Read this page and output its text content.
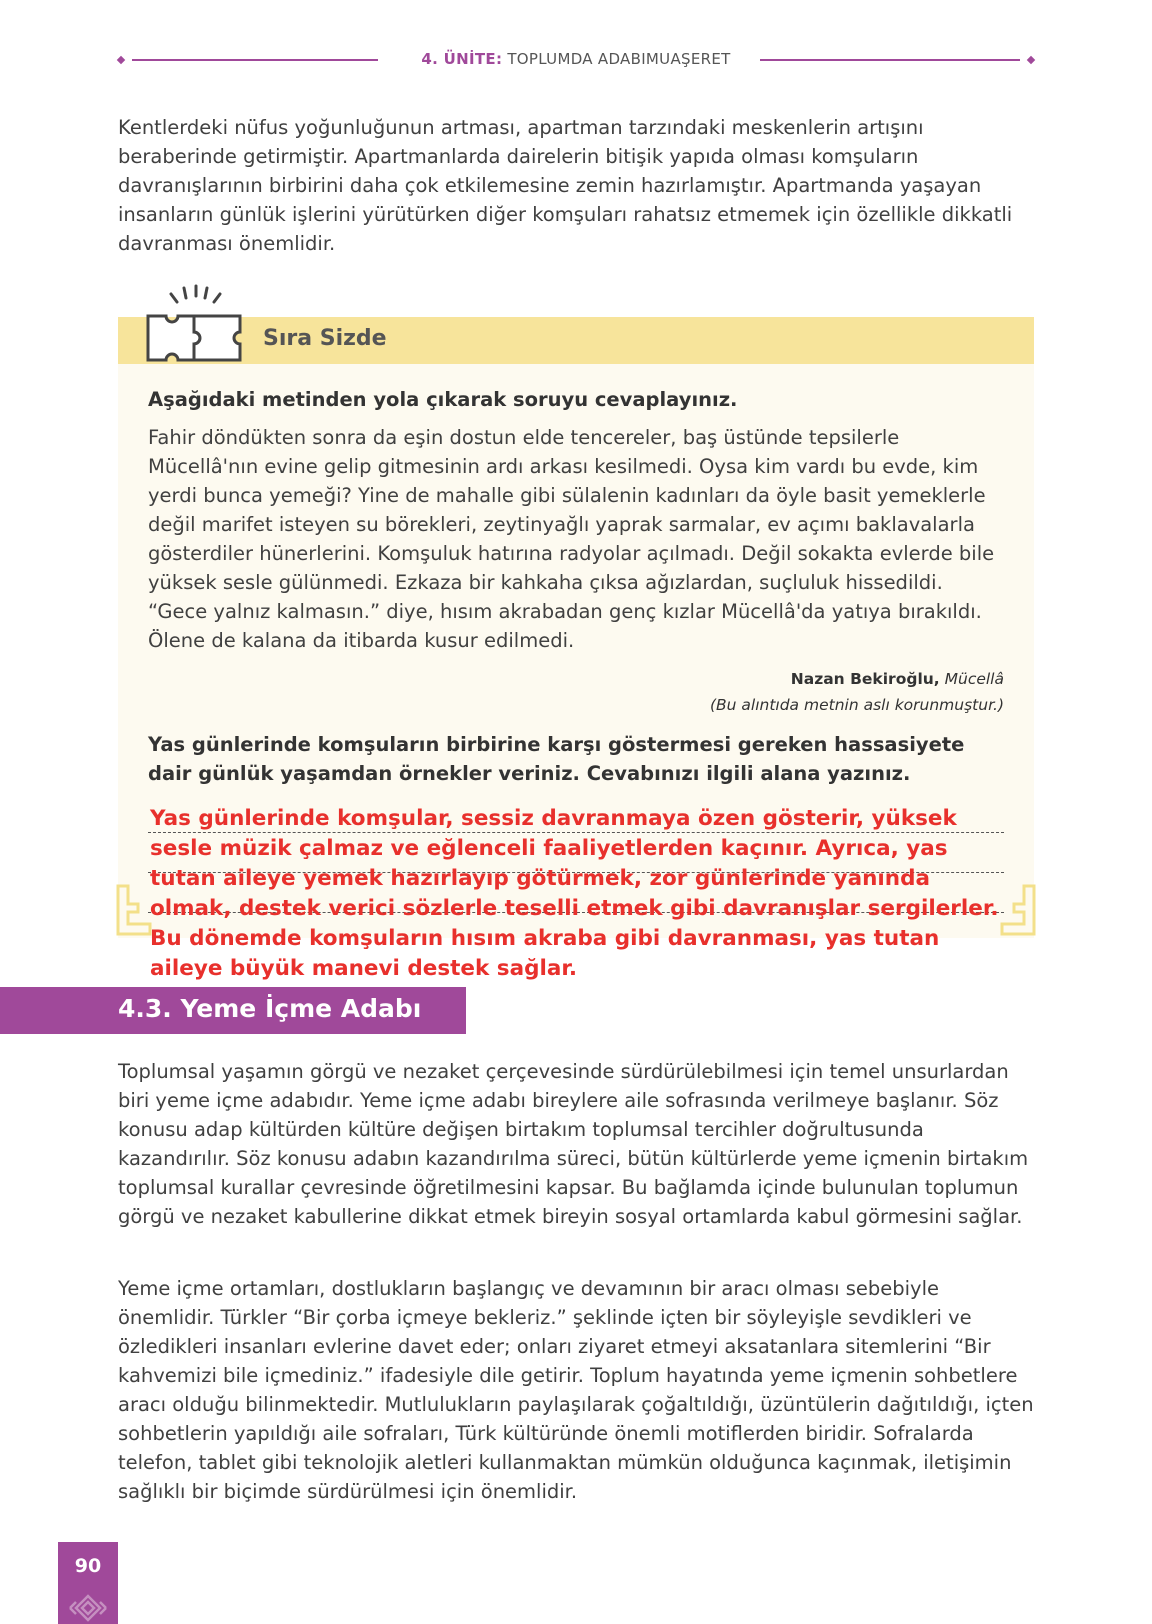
4. ÜNİTE: TOPLUMDA ADABIMUAŞERET

Kentlerdeki nüfus yoğunluğunun artması, apartman tarzındaki meskenlerin artışını beraberinde getirmiştir. Apartmanlarda dairelerin bitişik yapıda olması komşuların davranışlarının birbirini daha çok etkilemesine zemin hazırlamıştır. Apartmanda yaşayan insanların günlük işlerini yürütürken diğer komşuları rahatsız etmemek için özellikle dikkatli davranması önemlidir.

Sıra Sizde
Aşağıdaki metinden yola çıkarak soruyu cevaplayınız.

Fahir döndükten sonra da eşin dostun elde tencereler, baş üstünde tepsilerle Mücellâ'nın evine gelip gitmesinin ardı arkası kesilmedi. Oysa kim vardı bu evde, kim yerdi bunca yemeği? Yine de mahalle gibi sülalenin kadınları da öyle basit yemeklerle değil marifet isteyen su börekleri, zeytinyağlı yaprak sarmalar, ev açımı baklavalarla gösterdiler hünerlerini. Komşuluk hatırına radyolar açılmadı. Değil sokakta evlerde bile yüksek sesle gülünmedi. Ezkaza bir kahkaha çıksa ağızlardan, suçluluk hissedildi. “Gece yalnız kalmasın.” diye, hısım akrabadan genç kızlar Mücellâ'da yatıya bırakıldı. Ölene de kalana da itibarda kusur edilmedi.

Nazan Bekiroğlu, Mücellâ
(Bu alıntıda metnin aslı korunmuştur.)

Yas günlerinde komşuların birbirine karşı göstermesi gereken hassasiyete dair günlük yaşamdan örnekler veriniz. Cevabınızı ilgili alana yazınız.

Yas günlerinde komşular, sessiz davranmaya özen gösterir, yüksek sesle müzik çalmaz ve eğlenceli faaliyetlerden kaçınır. Ayrıca, yas tutan aileye yemek hazırlayıp götürmek, zor günlerinde yanında olmak, destek verici sözlerle teselli etmek gibi davranışlar sergilerler. Bu dönemde komşuların hısım akraba gibi davranması, yas tutan aileye büyük manevi destek sağlar.

4.3. Yeme İçme Adabı

Toplumsal yaşamın görgü ve nezaket çerçevesinde sürdürülebilmesi için temel unsurlardan biri yeme içme adabıdır. Yeme içme adabı bireylere aile sofrasında verilmeye başlanır. Söz konusu adap kültürden kültüre değişen birtakım toplumsal tercihler doğrultusunda kazandırılır. Söz konusu adabın kazandırılma süreci, bütün kültürlerde yeme içmenin birtakım toplumsal kurallar çevresinde öğretilmesini kapsar. Bu bağlamda içinde bulunulan toplumun görgü ve nezaket kabullerine dikkat etmek bireyin sosyal ortamlarda kabul görmesini sağlar.

Yeme içme ortamları, dostlukların başlangıç ve devamının bir aracı olması sebebiyle önemlidir. Türkler “Bir çorba içmeye bekleriz.” şeklinde içten bir söyleyişle sevdikleri ve özledikleri insanları evlerine davet eder; onları ziyaret etmeyi aksatanlara sitemlerini “Bir kahvemizi bile içmediniz.” ifadesiyle dile getirir. Toplum hayatında yeme içmenin sohbetlere aracı olduğu bilinmektedir. Mutlulukların paylaşılarak çoğaltıldığı, üzüntülerin dağıtıldığı, içten sohbetlerin yapıldığı aile sofraları, Türk kültüründe önemli motiflerden biridir. Sofralarda telefon, tablet gibi teknolojik aletleri kullanmaktan mümkün olduğunca kaçınmak, iletişimin sağlıklı bir biçimde sürdürülmesi için önemlidir.

90
